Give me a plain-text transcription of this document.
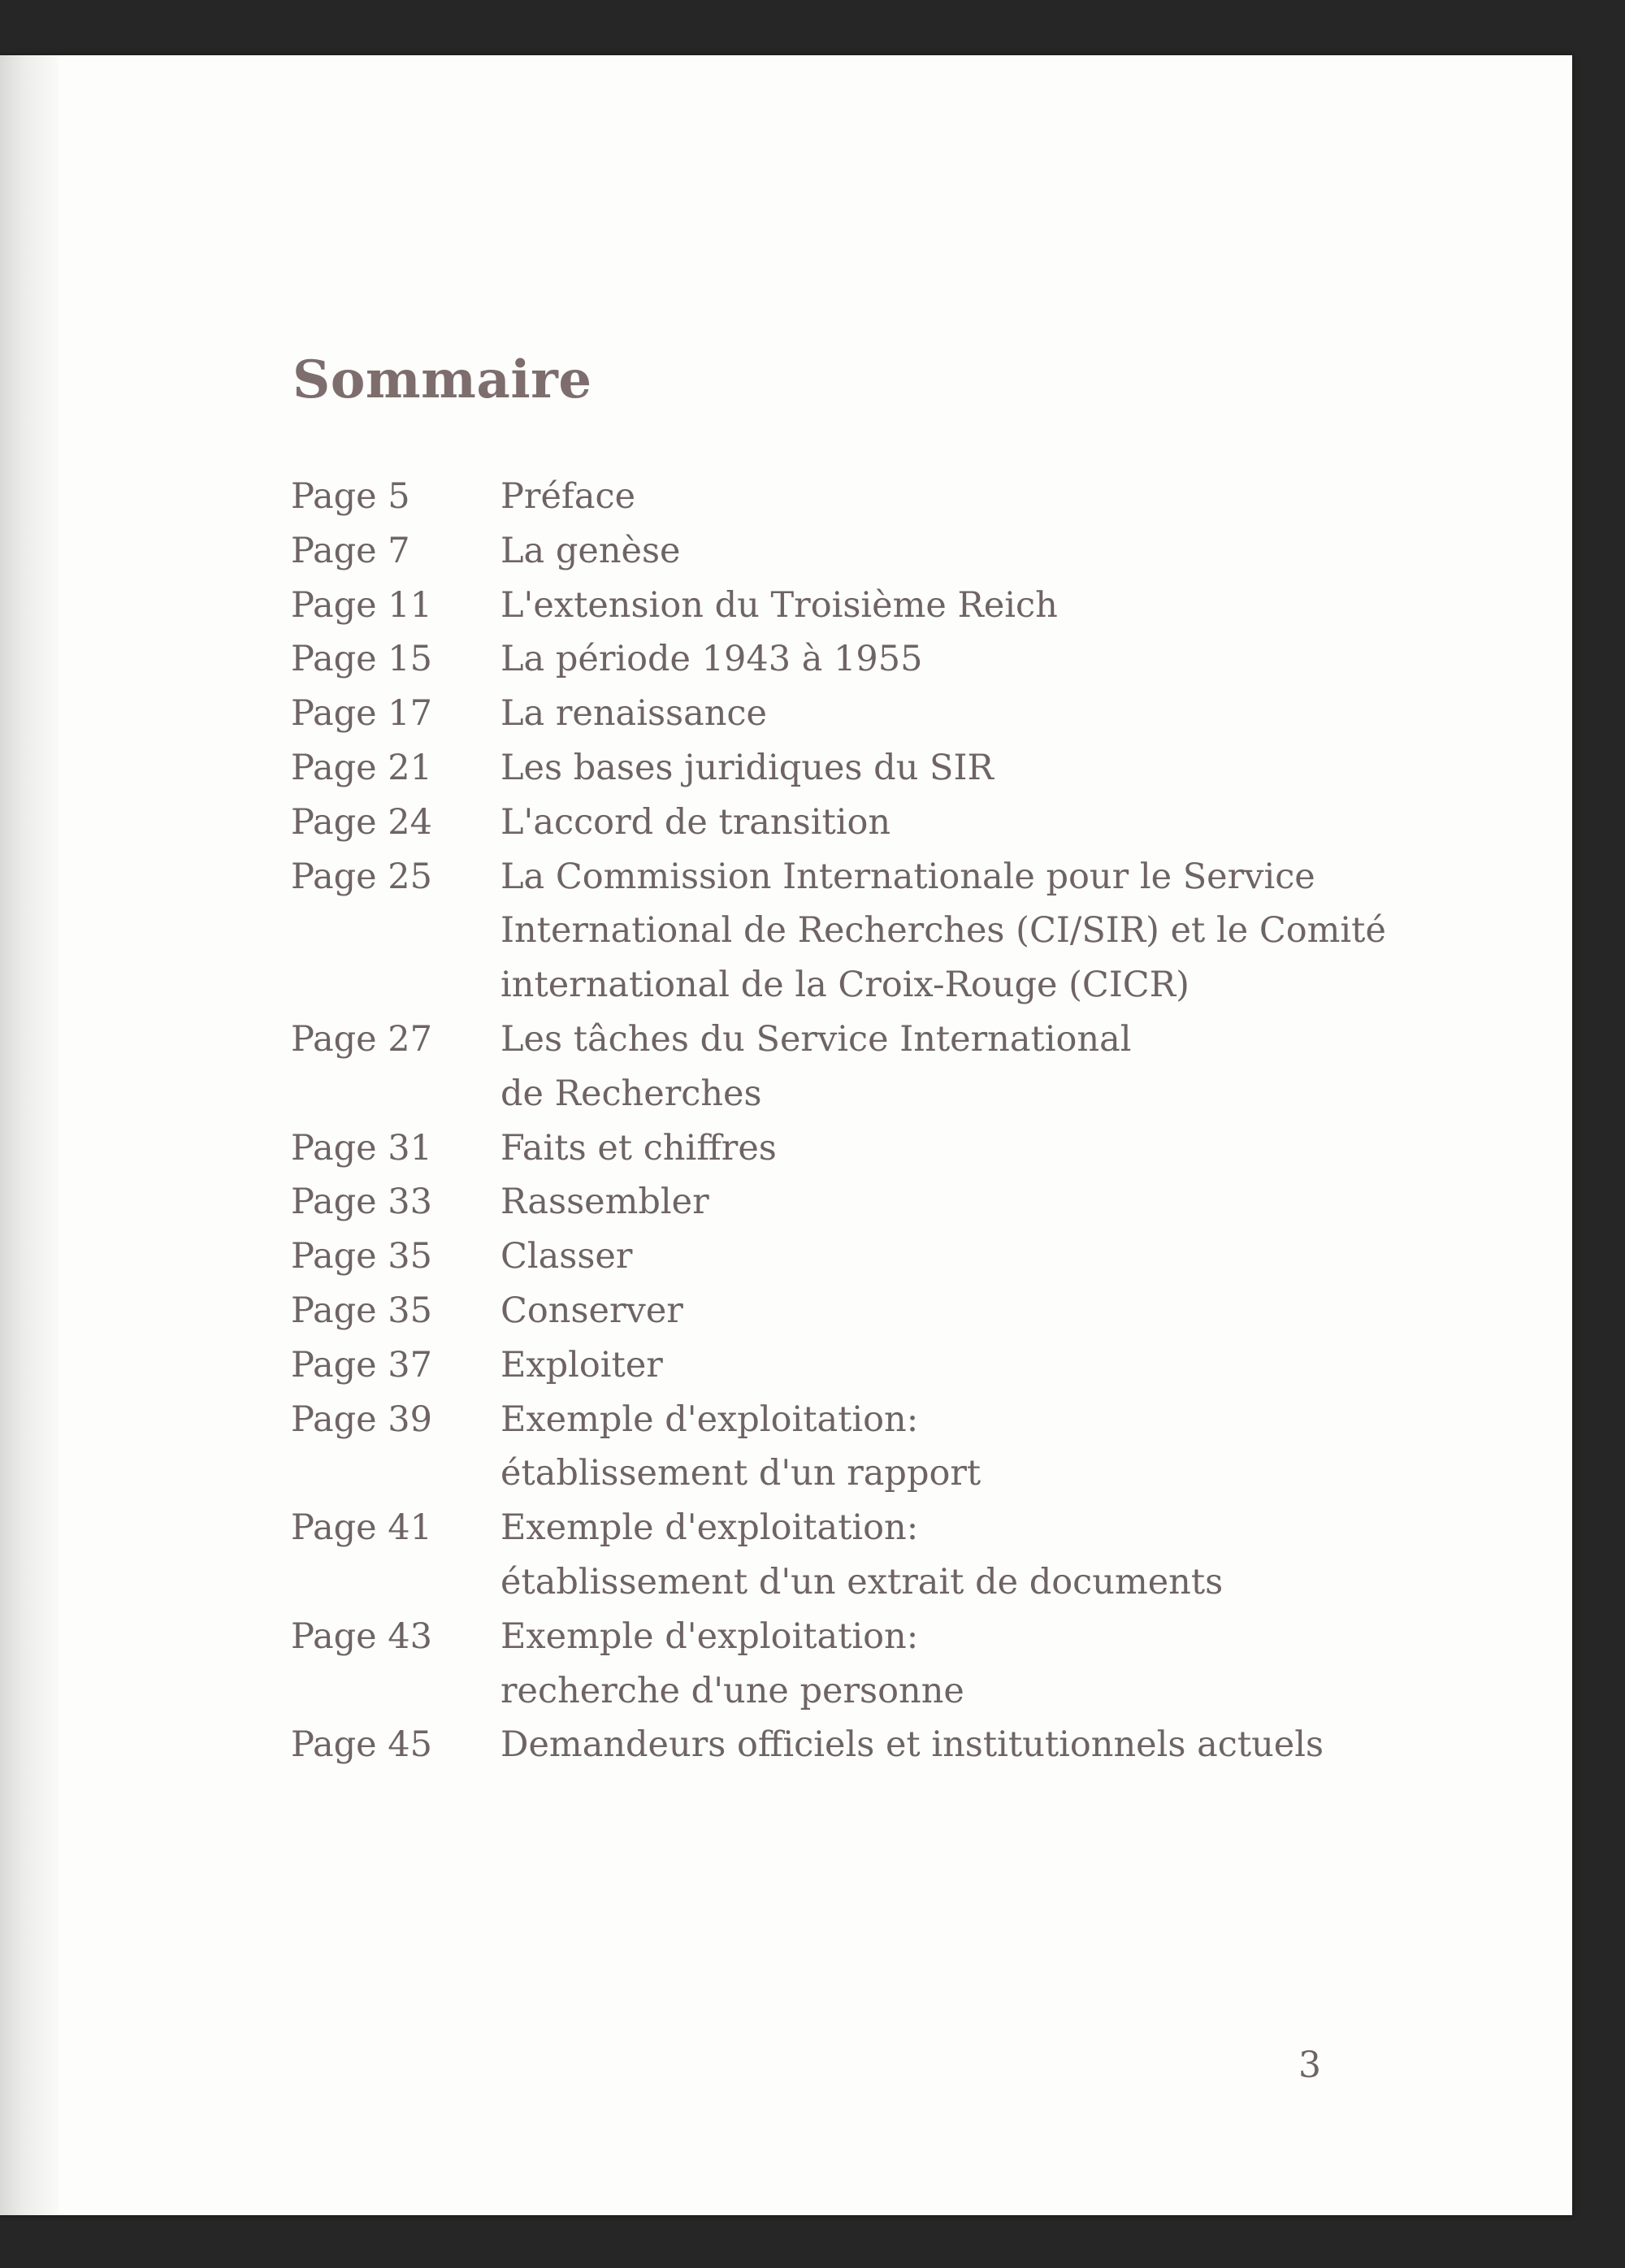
Sommaire
Page 5	Préface
Page 7	La genèse
Page 11	L'extension du Troisième Reich
Page 15	La période 1943 à 1955
Page 17	La renaissance
Page 21	Les bases juridiques du SIR
Page 24	L'accord de transition
Page 25	La Commission Internationale pour le Service
International de Recherches (CI/SIR) et le Comité
international de la Croix-Rouge (CICR)
Page 27	Les tâches du Service International
de Recherches
Page 31	Faits et chiffres
Page 33	Rassembler
Page 35	Classer
Page 35	Conserver
Page 37	Exploiter
Page 39	Exemple d'exploitation:
établissement d'un rapport
Page 41	Exemple d'exploitation:
établissement d'un extrait de documents
Page 43	Exemple d'exploitation:
recherche d'une personne
Page 45	Demandeurs officiels et institutionnels actuels
3
